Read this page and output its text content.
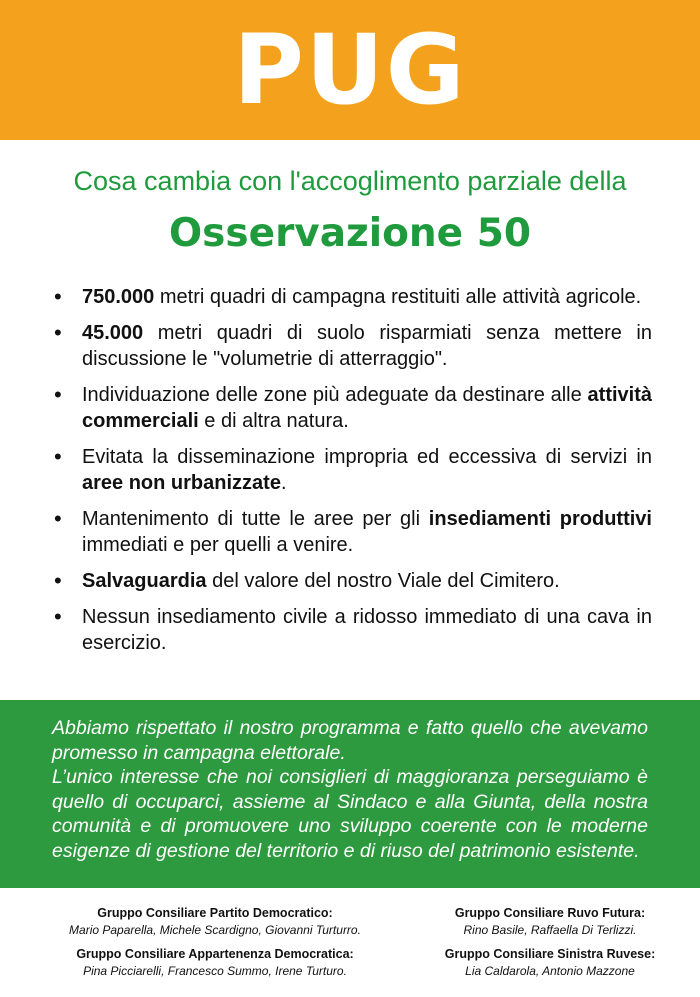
PUG
Cosa cambia con l'accoglimento parziale della
Osservazione 50
• 750.000 metri quadri di campagna restituiti alle attività agricole.
• 45.000 metri quadri di suolo risparmiati senza mettere in discussione le "volumetrie di atterraggio".
• Individuazione delle zone più adeguate da destinare alle attività commerciali e di altra natura.
• Evitata la disseminazione impropria ed eccessiva di servizi in aree non urbanizzate.
• Mantenimento di tutte le aree per gli insediamenti produttivi immediati e per quelli a venire.
• Salvaguardia del valore del nostro Viale del Cimitero.
• Nessun insediamento civile a ridosso immediato di una cava in esercizio.

Abbiamo rispettato il nostro programma e fatto quello che avevamo promesso in campagna elettorale.

L’unico interesse che noi consiglieri di maggioranza perseguiamo è quello di occuparci, assieme al Sindaco e alla Giunta, della nostra comunità e di promuovere uno sviluppo coerente con le moderne esigenze di gestione del territorio e di riuso del patrimonio esistente.

Gruppo Consiliare Partito Democratico:
Mario Paparella, Michele Scardigno, Giovanni Turturro.
Gruppo Consiliare Ruvo Futura:
Rino Basile, Raffaella Di Terlizzi.
Gruppo Consiliare Appartenenza Democratica:
Pina Picciarelli, Francesco Summo, Irene Turturo.
Gruppo Consiliare Sinistra Ruvese:
Lia Caldarola, Antonio Mazzone
